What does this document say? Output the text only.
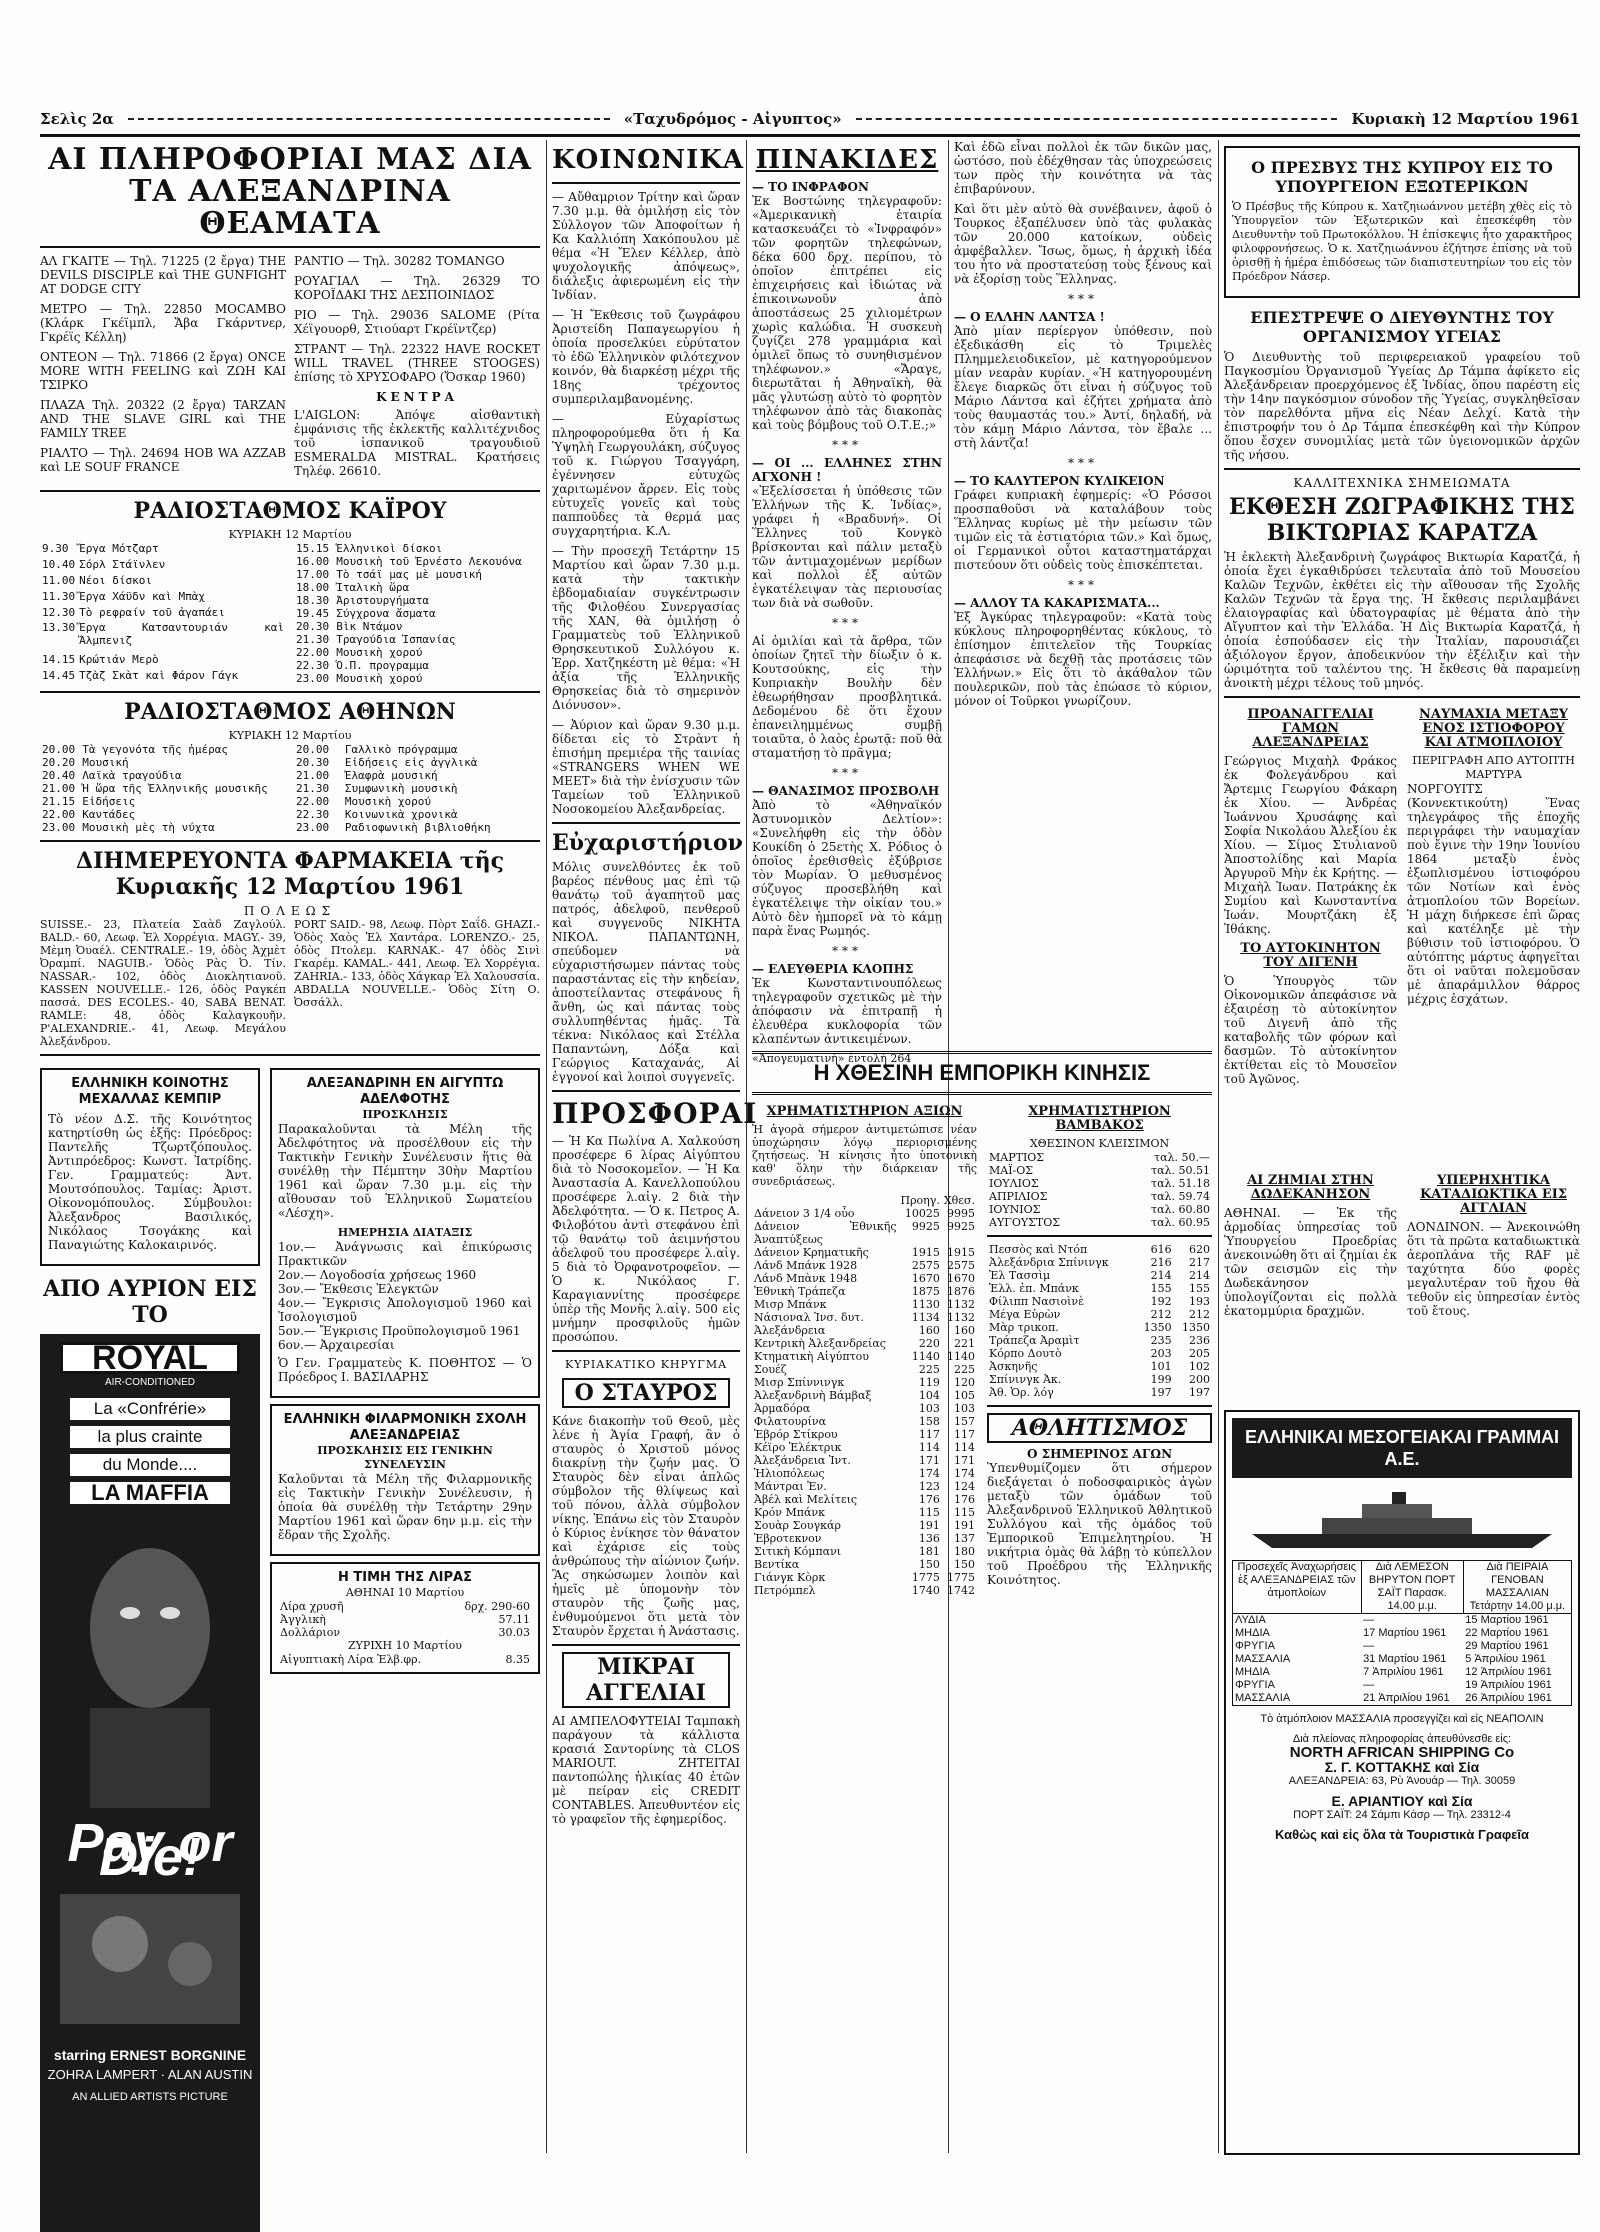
Σελὶς 2α	«Ταχυδρόμος - Αἰγυπτος»	Κυριακὴ 12 Μαρτίου 1961
ΑΙ ΠΛΗΡΟΦΟΡΙΑΙ ΜΑΣ ΔΙΑ ΤΑ ΑΛΕΞΑΝΔΡΙΝΑ ΘΕΑΜΑΤΑ
ΑΛ ΓΚΑΙΤΕ — Τηλ. 71225 (2 ἔργα) THE DEVILS DISCIPLE καὶ THE GUNFIGHT AT DODGE CITY
ΜΕΤΡΟ — Τηλ. 22850 MOCAMBO (Κλάρκ Γκέϊμπλ, Ἄβα Γκάρντνερ, Γκρέϊς Κέλλη)
ΟΝΤΕΟΝ — Τηλ. 71866 (2 ἔργα) ONCE MORE WITH FEELING καὶ ΖΩΗ ΚΑΙ ΤΣΙΡΚΟ
ΠΛΑΖΑ Τηλ. 20322 (2 ἔργα) TARZAN AND THE SLAVE GIRL καὶ THE FAMILY TREE
ΡΙΑΛΤΟ — Τηλ. 24694 HOB WA AZZAB καὶ LE SOUF FRANCE
ΡΑΝΤΙΟ — Τηλ. 30282 TOMANGO
ΡΟΥΑΓΙΑΛ — Τηλ. 26329 ΤΟ ΚΟΡΟΪΔΑΚΙ ΤΗΣ ΔΕΣΠΟΙΝΙΔΟΣ
ΡΙΟ — Τηλ. 29036 SALOME (Ρίτα Χέϊγουορθ, Στιούαρτ Γκρέϊντζερ)
ΣΤΡΑΝΤ — Τηλ. 22322 HAVE ROCKET WILL TRAVEL (THREE STOOGES) ἐπίσης τὸ ΧΡΥΣΟΦΑΡΟ (Ὄσκαρ 1960)
ΚΕΝΤΡΑ
L'AIGLON: Ἀπόψε αἰσθαντικὴ ἐμφάνισις τῆς ἐκλεκτῆς καλλιτέχνιδος τοῦ ἱσπανικοῦ τραγουδιοῦ ESMERALDA MISTRAL. Κρατήσεις Τηλέφ. 26610.
ΡΑΔΙΟΣΤΑΘΜΟΣ ΚΑΪΡΟΥ
ΚΥΡΙΑΚΗ 12 Μαρτίου
9.30	Ἔργα Μότζαρτ
10.40	Σόρλ Στάϊνλεν
11.00	Νέοι δίσκοι
11.30	Ἔργα Χάϋδν καὶ Μπὰχ
12.30	Τὸ ρεφραίν τοῦ ἀγαπάει
13.30	Ἔργα Κατσαντουριάν καὶ Ἄλμπενιζ
14.15	Κρώτιάν Μερὸ
14.45	Τζὰζ Σκὰτ καὶ Φάρον Γάγκ
15.15	Ἑλληνικοὶ δίσκοι
16.00	Μουσικὴ τοῦ Ἐρνέστο Λεκουόνα
17.00	Τὸ τσάϊ μας μὲ μουσική
18.00	Ἰταλικὴ ὥρα
18.30	Ἀριστουργήματα
19.45	Σύγχρονα ἄσματα
20.30	Βὶκ Ντάμον
21.30	Τραγούδια Ἰσπανίας
22.00	Μουσικὴ χορού
22.30	Ὁ.Π. προγραμμα
23.00	Μουσικὴ χορού
ΡΑΔΙΟΣΤΑΘΜΟΣ ΑΘΗΝΩΝ
ΚΥΡΙΑΚΗ 12 Μαρτίου
20.00	Τὰ γεγονότα τῆς ἡμέρας
20.20	Μουσική
20.40	Λαϊκὰ τραγούδια
21.00	Ἡ ὥρα τῆς Ἑλληνικῆς μουσικῆς
21.15	Εἰδήσεις
22.00	Καντάδες
23.00	Μουσικὴ μὲς τὴ νύχτα
20.00	Γαλλικὸ πρόγραμμα
20.30	Εἰδήσεις εἰς ἀγγλικὰ
21.00	Ἐλαφρὰ μουσική
21.30	Συμφωνικὴ μουσικὴ
22.00	Μουσικὴ χορού
22.30	Κοινωνικὰ χρονικὰ
23.00	Ραδιοφωνικὴ βιβλιοθήκη
ΔΙΗΜΕΡΕΥΟΝΤΑ ΦΑΡΜΑΚΕΙΑ τῆς Κυριακῆς 12 Μαρτίου 1961
ΠΟΛΕΩΣ
SUISSE.- 23, Πλατεία Σαὰδ Ζαγλούλ. BALD.- 60, Λεωφ. Ἐλ Χορρέγια. MAGY.- 39, Μὲμη Ὀυαέλ. CENTRALE.- 19, ὁδὸς Ἀχμὲτ Ὀραμπί. NAGUIB.- Ὁδὸς Ρὰς Ὀ. Τίν. NASSAR.- 102, ὁδὸς Διοκλητιανοῦ. KASSEN NOUVELLE.- 126, ὁδὸς Ραγκέπ πασσά. DES ECOLES.- 40, SABA BENAT. RAMLE: 48, ὁδὸς Καλαγκουῆν. P'ALEXANDRIE.- 41, Λεωφ. Μεγάλου Ἀλεξάνδρου.
PORT SAID.- 98, Λεωφ. Πὸρτ Σαΐδ. GHAZI.- Ὁδὸς Χαὸς Ἑλ Χαντάρα. LORENZO.- 25, ὁδὸς Πτολεμ. KARNAK.- 47 ὁδὸς Σινὶ Γκαρέμ. KAMAL.- 441, Λεωφ. Ἑλ Χορρέγια. ZAHRIA.- 133, ὁδὸς Χάγκαρ Ἐλ Χαλουσσία. ABDALLA NOUVELLE.- Ὁδὸς Σίτη Ο. Ὀσσάλλ.
ΕΛΛΗΝΙΚΗ ΚΟΙΝΟΤΗΣ ΜΕΧΑΛΛΑΣ ΚΕΜΠΙΡ
Τὸ νέον Δ.Σ. τῆς Κοινότητος κατηρτίσθη ὡς ἑξῆς: Πρόεδρος: Παντελῆς Τζωρτζόπουλος. Ἀντιπρόεδρος: Κωνστ. Ἰατρίδης. Γεν. Γραμματεύς: Ἀντ. Μουτσόπουλος. Ταμίας: Ἀριστ. Οἰκονομόπουλος. Σύμβουλοι: Ἀλεξανδρος Βασιλικός, Νικόλαος Τσογάκης καὶ Παναγιώτης Καλοκαιρινός.
ΑΠΟ ΑΥΡΙΟΝ ΕΙΣ ΤΟ
ROYAL
AIR-CONDITIONED
La «Confrérie»
la plus crainte
du Monde....
LA MAFFIA
Pay or Die!
starring ERNEST BORGNINE
ZOHRA LAMPERT · ALAN AUSTIN
AN ALLIED ARTISTS PICTURE
ΑΛΕΞΑΝΔΡΙΝΗ ΕΝ ΑΙΓΥΠΤΩ ΑΔΕΛΦΟΤΗΣ
ΠΡΟΣΚΛΗΣΙΣ
Παρακαλοῦνται τὰ Μέλη τῆς Ἀδελφότητος νὰ προσέλθουν εἰς τὴν Τακτικὴν Γενικὴν Συνέλευσιν ἥτις θὰ συνέλθῃ τὴν Πέμπτην 30ὴν Μαρτίου 1961 καὶ ὥραν 7.30 μ.μ. εἰς τὴν αἴθουσαν τοῦ Ἑλληνικοῦ Σωματείου «Λέσχη».
ΗΜΕΡΗΣΙΑ ΔΙΑΤΑΞΙΣ
1ον.— Ἀνάγνωσις καὶ ἐπικύρωσις Πρακτικῶν
2ον.— Λογοδοσία χρήσεως 1960
3ον.— Ἔκθεσις Ἐλεγκτῶν
4ον.— Ἔγκρισις Ἀπολογισμοῦ 1960 καὶ Ἰσολογισμοῦ
5ον.— Ἔγκρισις Προϋπολογισμοῦ 1961
6ον.— Ἀρχαιρεσίαι
Ὁ Γεν. Γραμματεὺς Κ. ΠΟΘΗΤΟΣ — Ὁ Πρόεδρος Ι. ΒΑΣΙΛΑΡΗΣ
ΕΛΛΗΝΙΚΗ ΦΙΛΑΡΜΟΝΙΚΗ ΣΧΟΛΗ ΑΛΕΞΑΝΔΡΕΙΑΣ
ΠΡΟΣΚΛΗΣΙΣ ΕΙΣ ΓΕΝΙΚΗΝ ΣΥΝΕΛΕΥΣΙΝ
Καλοῦνται τὰ Μέλη τῆς Φιλαρμονικῆς εἰς Τακτικὴν Γενικὴν Συνέλευσιν, ἡ ὁποία θὰ συνέλθῃ τὴν Τετάρτην 29ην Μαρτίου 1961 καὶ ὥραν 6ην μ.μ. εἰς τὴν ἔδραν τῆς Σχολῆς.
Η ΤΙΜΗ ΤΗΣ ΛΙΡΑΣ
ΑΘΗΝΑΙ 10 Μαρτίου
Λίρα χρυσῆ	δρχ. 290-60
Ἀγγλικὴ	57.11
Δολλάριον	30.03
ΖΥΡΙΧΗ 10 Μαρτίου
Αἰγυπτιακὴ Λίρα Ἐλβ.φρ.	8.35
ΚΟΙΝΩΝΙΚΑ
— Αὔθαμριον Τρίτην καὶ ὥραν 7.30 μ.μ. θὰ ὁμιλήσῃ εἰς τὸν Σύλλογον τῶν Ἀποφοίτων ἡ Κα Καλλιόπη Χακόπουλου μὲ θέμα «Ἡ Ἔλεν Κέλλερ, ἀπὸ ψυχολογικῆς ἀπόψεως», διάλεξις ἀφιερωμένη εἰς τὴν Ἰνδίαν.
— Ἡ Ἔκθεσις τοῦ ζωγράφου Ἀριστείδη Παπαγεωργίου ἡ ὁποία προσελκύει εὐρύτατον τὸ ἐδῶ Ἑλληνικὸν φιλότεχνον κοινόν, θὰ διαρκέσῃ μέχρι τῆς 18ης τρέχοντος συμπεριλαμβανομένης.
— Εὐχαρίστως πληροφορούμεθα ὅτι ἡ Κα Ὑψηλὴ Γεωργουλάκη, σύζυγος τοῦ κ. Γιώργου Τσαγγάρη, ἐγέννησεν εὐτυχῶς χαριτωμένον ἄρρεν. Εἰς τοὺς εὐτυχεῖς γονεῖς καὶ τοὺς παπποῦδες τὰ θερμά μας συγχαρητήρια. Κ.Λ.
— Τὴν προσεχῆ Τετάρτην 15 Μαρτίου καὶ ὥραν 7.30 μ.μ. κατὰ τὴν τακτικὴν ἑβδομαδιαίαν συγκέντρωσιν τῆς Φιλοθέου Συνεργασίας τῆς ΧΑΝ, θὰ ὁμιλήσῃ ὁ Γραμματεὺς τοῦ Ἐλληνικοῦ Θρησκευτικοῦ Συλλόγου κ. Ἑρρ. Χατζηκέστη μὲ θέμα: «Ἡ ἀξία τῆς Ἑλληνικῆς Θρησκείας διὰ τὸ σημερινὸν Διόνυσον».
— Ἀύριον καὶ ὥραν 9.30 μ.μ. δίδεται εἰς τὸ Στρὰντ ἡ ἐπισήμη πρεμιέρα τῆς ταινίας «STRANGERS WHEN WE MEET» διὰ τὴν ἐνίσχυσιν τῶν Ταμείων τοῦ Ἑλληνικοῦ Νοσοκομείου Ἀλεξανδρείας.
Εὐχαριστήριον
Μόλις συνελθόντες ἐκ τοῦ βαρέος πένθους μας ἐπὶ τῷ θανάτῳ τοῦ ἀγαπητοῦ μας πατρός, ἀδελφοῦ, πενθεροῦ καὶ συγγενοῦς ΝΙΚΗΤΑ ΝΙΚΟΛ. ΠΑΠΑΝΤΩΝΗ, σπεύδομεν νὰ εὐχαριστήσωμεν πάντας τοὺς παραστάντας εἰς τὴν κηδείαν, ἀποστείλαντας στεφάνους ἢ ἄνθη, ὡς καὶ πάντας τοὺς συλλυπηθέντας ἡμᾶς. Τὰ τέκνα: Νικόλαος καὶ Στέλλα Παπαντώνη, Δόξα καὶ Γεώργιος Καταχανάς, Αἱ ἐγγονοί καὶ λοιποὶ συγγενεῖς.
ΠΡΟΣΦΟΡΑΙ
— Ἡ Κα Πωλίνα Α. Χαλκούση προσέφερε 6 λίρας Αἰγύπτου διὰ τὸ Νοσοκομεῖον. — Ἡ Κα Ἀναστασία Α. Κανελλοπούλου προσέφερε λ.αἰγ. 2 διὰ τὴν Ἀδελφότητα. — Ὁ κ. Πετρος Α. Φιλοβότου ἀντὶ στεφάνου ἐπὶ τῷ θανάτῳ τοῦ ἀειμνήστου ἀδελφοῦ του προσέφερε λ.αἰγ. 5 διὰ τὸ Ὀρφανοτροφεῖον. — Ὁ κ. Νικόλαος Γ. Καραγιαννίτης προσέφερε ὑπὲρ τῆς Μονῆς λ.αἰγ. 500 εἰς μνήμην προσφιλοῦς ἡμῶν προσώπου.
ΚΥΡΙΑΚΑΤΙΚΟ ΚΗΡΥΓΜΑ
Ο ΣΤΑΥΡΟΣ
Κάνε διακοπὴν τοῦ Θεοῦ, μὲς λένε ἡ Ἁγία Γραφή, ἂν ὁ σταυρὸς ὁ Χριστοῦ μόνος διακρίνῃ τὴν ζωήν μας. Ὁ Σταυρὸς δὲν εἶναι ἁπλῶς σύμβολον τῆς θλίψεως καὶ τοῦ πόνου, ἀλλὰ σύμβολον νίκης. Ἐπάνω εἰς τὸν Σταυρὸν ὁ Κύριος ἐνίκησε τὸν θάνατον καὶ ἐχάρισε εἰς τοὺς ἀνθρώπους τὴν αἰώνιον ζωήν. Ἂς σηκώσωμεν λοιπὸν καὶ ἡμεῖς μὲ ὑπομονὴν τὸν σταυρὸν τῆς ζωῆς μας, ἐνθυμούμενοι ὅτι μετὰ τὸν Σταυρὸν ἔρχεται ἡ Ἀνάστασις.
ΜΙΚΡΑΙ ΑΓΓΕΛΙΑΙ
ΑΙ ΑΜΠΕΛΟΦΥΤΕΙΑΙ Ταμπακὴ παράγουν τὰ κάλλιστα κρασιά Σαντορίνης τὰ CLOS MARIOUT. ΖΗΤΕΙΤΑΙ παντοπώλης ἡλικίας 40 ἐτῶν μὲ πείραν εἰς CREDIT CONTABLES. Ἀπευθυντέον εἰς τὸ γραφεῖον τῆς ἐφημερίδος.
ΠΙΝΑΚΙΔΕΣ
— ΤΟ ΙΝΦΡΑΦΟΝ
Ἐκ Βοστώνης τηλεγραφοῦν: «Ἀμερικανικὴ ἑταιρία κατασκευάζει τὸ «Ἰνφραφόν» τῶν φορητῶν τηλεφώνων, δέκα 600 δρχ. περίπου, τὸ ὁποῖον ἐπιτρέπει εἰς ἐπιχειρήσεις καὶ ἰδιώτας νὰ ἐπικοινωνοῦν ἀπὸ ἀποστάσεως 25 χιλιομέτρων χωρὶς καλώδια. Ἡ συσκευὴ ζυγίζει 278 γραμμάρια καὶ ὁμιλεῖ ὅπως τὸ συνηθισμένον τηλέφωνον.» «Ἄραγε, διερωτᾶται ἡ Ἀθηναϊκὴ, θὰ μᾶς γλυτώσῃ αὐτὸ τὸ φορητὸν τηλέφωνον ἀπὸ τὰς διακοπὰς καὶ τοὺς βόμβους τοῦ Ο.Τ.Ε.;»
***
— ΟΙ ... ΕΛΛΗΝΕΣ ΣΤΗΝ ΑΓΧΟΝΗ !
«Ἐξελίσσεται ἡ ὑπόθεσις τῶν Ἑλλήνων τῆς Κ. Ἰνδίας», γράφει ἡ «Βραδυνή». Οἱ Ἕλληνες τοῦ Κονγκὸ βρίσκονται καὶ πάλιν μεταξὺ τῶν ἀντιμαχομένων μερίδων καὶ πολλοὶ ἐξ αὐτῶν ἐγκατέλειψαν τὰς περιουσίας των διὰ νὰ σωθοῦν.
***
Αἱ ὁμιλίαι καὶ τὰ ἄρθρα, τῶν ὁποίων ζητεῖ τὴν δίωξιν ὁ κ. Κουτσούκης, εἰς τὴν Κυπριακὴν Βουλὴν δὲν ἐθεωρήθησαν προσβλητικά. Δεδομένου δὲ ὅτι ἔχουν ἐπανειλημμένως συμβῇ τοιαῦτα, ὁ λαὸς ἐρωτᾷ: ποῦ θὰ σταματήσῃ τὸ πρᾶγμα;
***
— ΘΑΝΑΣΙΜΟΣ ΠΡΟΣΒΟΛΗ
Ἀπὸ τὸ «Ἀθηναϊκόν Ἀστυνομικὸν Δελτίον»: «Συνελήφθη εἰς τὴν ὁδὸν Κουκίδη ὁ 25ετὴς Χ. Ρόδιος ὁ ὁποῖος ἐρεθισθεὶς ἐξύβρισε τὸν Μωρίαν. Ὁ μεθυσμένος σύζυγος προσεβλήθη καὶ ἐγκατέλειψε τὴν οἰκίαν του.» Αὐτὸ δὲν ἠμπορεῖ νὰ τὸ κάμῃ παρὰ ἕνας Ρωμηός.
***
— ΕΛΕΥΘΕΡΙΑ ΚΛΟΠΗΣ
Ἐκ Κωνσταντινουπόλεως τηλεγραφοῦν σχετικῶς μὲ τὴν ἀπόφασιν νὰ ἐπιτραπῇ ἡ ἐλευθέρα κυκλοφορία τῶν κλαπέντων ἀντικειμένων.
«Ἀπογευματινή» ἐντολὴ 264
Καὶ ἐδῶ εἶναι πολλοὶ ἐκ τῶν δικῶν μας, ὡστόσο, ποὺ ἐδέχθησαν τὰς ὑποχρεώσεις των πρὸς τὴν κοινότητα νὰ τὰς ἐπιβαρύνουν.
Καὶ ὅτι μὲν αὐτὸ θὰ συνέβαινεν, ἀφοῦ ὁ Τουρκος ἐξαπέλυσεν ὑπὸ τὰς φυλακὰς τῶν 20.000 κατοίκων, οὐδεὶς ἀμφέβαλλεν. Ἴσως, ὅμως, ἡ ἀρχικὴ ἰδέα του ἦτο νὰ προστατεύσῃ τοὺς ξένους καὶ νὰ ἐξορίσῃ τοὺς Ἕλληνας.
***
— Ο ΕΛΛΗΝ ΛΑΝΤΣΑ !
Ἀπὸ μίαν περίεργον ὑπόθεσιν, ποὺ ἐξεδικάσθη εἰς τὸ Τριμελὲς Πλημμελειοδικεῖον, μὲ κατηγορούμενον μίαν νεαρὰν κυρίαν. «Ἡ κατηγορουμένη ἔλεγε διαρκῶς ὅτι εἶναι ἡ σύζυγος τοῦ Μάριο Λάντσα καὶ ἐζήτει χρήματα ἀπὸ τοὺς θαυμαστάς του.» Ἀντί, δηλαδή, νὰ τὸν κάμῃ Μάριο Λάντσα, τὸν ἔβαλε ... στὴ λάντζα!
***
— ΤΟ ΚΑΛΥΤΕΡΟΝ ΚΥΛΙΚΕΙΟΝ
Γράφει κυπριακὴ ἐφημερίς: «Ὁ Ρόσσοι προσπαθοῦσι νὰ καταλάβουν τοὺς Ἕλληνας κυρίως μὲ τὴν μείωσιν τῶν τιμῶν εἰς τὰ ἐστιατόρια τῶν.» Καὶ ὅμως, οἱ Γερμανικοὶ οὗτοι καταστηματάρχαι πιστεύουν ὅτι οὐδεὶς τοὺς ἐπισκέπτεται.
***
— ΑΛΛΟΥ ΤΑ ΚΑΚΑΡΙΣΜΑΤΑ...
Ἐξ Ἀγκύρας τηλεγραφοῦν: «Κατὰ τοὺς κύκλους πληροφορηθέντας κύκλους, τὸ ἐπίσημον ἐπιτελεῖον τῆς Τουρκίας ἀπεφάσισε νὰ δεχθῇ τὰς προτάσεις τῶν Ἑλλήνων.» Εἰς ὅτι τὸ ἀκάθαλον τῶν πουλερικῶν, ποὺ τὰς ἐπώασε τὸ κύριον, μόνον οἱ Τοῦρκοι γνωρίζουν.
Η ΧΘΕΣΙΝΗ ΕΜΠΟΡΙΚΗ ΚΙΝΗΣΙΣ
ΧΡΗΜΑΤΙΣΤΗΡΙΟΝ ΑΞΙΩΝ
Ἡ ἀγορὰ σήμερον ἀντιμετώπισε νέαν ὑποχώρησιν λόγῳ περιορισμένης ζητήσεως. Ἡ κίνησις ἦτο ὑποτονικὴ καθ' ὅλην τὴν διάρκειαν τῆς συνεδριάσεως.
	Προηγ.	Χθεσ.
Δάνειον 3 1/4 οὖο	10025	9995
Δάνειον Ἐθνικῆς Ἀναπτύξεως	9925	9925
Δάνειον Κρηματικῆς	1915	1915
Λάνδ Μπάνκ 1928	2575	2575
Λάνδ Μπὰνκ 1948	1670	1670
Ἐθνικὴ Τράπεζα	1875	1876
Μισρ Μπάνκ	1130	1132
Νάσιοναλ Ἰνσ. δυτ.	1134	1132
Ἀλεξάνδρεια	160	160
Κεντρικὴ Ἀλεξανδρείας	220	221
Κτηματικὴ Αἰγύπτου	1140	1140
Σουέζ	225	225
Μισρ Σπίννινγκ	119	120
Ἀλεξανδρινὴ Βάμβαξ	104	105
Ἀρμαδόρα	103	103
Φιλατουρίνα	158	157
Ἐβρόρ Στίκρου	117	117
Κέϊρο Ἐλέκτρικ	114	114
Ἀλεξάνδρεια Ἰντ.	171	171
Ἡλιοπόλεως	174	174
Μάντραι Ἐν.	123	124
Ἀβέλ καὶ Μελίτεις	176	176
Κρόν Μπάνκ	115	115
Σουὰρ Σουγκάρ	191	191
Ἐβροτεκνον	136	137
Σιτικὴ Κόμπανι	181	180
Βεντίκα	150	150
Γιάνγκ Κὸρκ	1775	1775
Πετρόμπελ	1740	1742
ΧΡΗΜΑΤΙΣΤΗΡΙΟΝ ΒΑΜΒΑΚΟΣ
ΧΘΕΣΙΝΟΝ ΚΛΕΙΣΙΜΟΝ
ΜΑΡΤΙΟΣ	ταλ. 50.—
ΜΑΪ-ΟΣ	ταλ. 50.51
ΙΟΥΛΙΟΣ	ταλ. 51.18
ΑΠΡΙΛΙΟΣ	ταλ. 59.74
ΙΟΥΝΙΟΣ	ταλ. 60.80
ΑΥΓΟΥΣΤΟΣ	ταλ. 60.95
Πεσσὸς καὶ Ντόπ	616	620
Ἀλεξάνδρια Σπίνινγκ	216	217
Ἐλ Τασσὶμ	214	214
Ἑλλ. ἐπ. Μπάνκ	155	155
Φίλιππ Νασιοὶνὲ	192	193
Μέγα Εὐρὼν	212	212
Μὰρ τρικοπ.	1350	1350
Τράπεζα Ἀραμὶτ	235	236
Κόρπο Δουτὸ	203	205
Ἀσκηνῆς	101	102
Σπίνινγκ Ἀκ.	199	200
Ἀθ. Ὁρ. λόγ	197	197
ΑΘΛΗΤΙΣΜΟΣ
Ο ΣΗΜΕΡΙΝΟΣ ΑΓΩΝ
Ὑπενθυμίζομεν ὅτι σήμερον διεξάγεται ὁ ποδοσφαιρικὸς ἀγὼν μεταξὺ τῶν ὁμάδων τοῦ Ἀλεξανδρινοῦ Ἑλληνικοῦ Ἀθλητικοῦ Συλλόγου καὶ τῆς ὁμάδος τοῦ Ἐμπορικοῦ Ἐπιμελητηρίου. Ἡ νικήτρια ὁμὰς θὰ λάβῃ τὸ κύπελλον τοῦ Προέδρου τῆς Ἑλληνικῆς Κοινότητος.
Ο ΠΡΕΣΒΥΣ ΤΗΣ ΚΥΠΡΟΥ ΕΙΣ ΤΟ ΥΠΟΥΡΓΕΙΟΝ ΕΞΩΤΕΡΙΚΩΝ
Ὁ Πρέσβυς τῆς Κύπρου κ. Χατζηιωάννου μετέβη χθὲς εἰς τὸ Ὑπουργεῖον τῶν Ἐξωτερικῶν καὶ ἐπεσκέφθη τὸν Διευθυντὴν τοῦ Πρωτοκόλλου. Ἡ ἐπίσκεψις ἦτο χαρακτῆρος φιλοφρονήσεως. Ὁ κ. Χατζηιωάννου ἐζήτησε ἐπίσης νὰ τοῦ ὁρισθῇ ἡ ἡμέρα ἐπιδόσεως τῶν διαπιστευτηρίων του εἰς τὸν Πρόεδρον Νάσερ.
ΕΠΕΣΤΡΕΨΕ Ο ΔΙΕΥΘΥΝΤΗΣ ΤΟΥ ΟΡΓΑΝΙΣΜΟΥ ΥΓΕΙΑΣ
Ὁ Διευθυντὴς τοῦ περιφερειακοῦ γραφείου τοῦ Παγκοσμίου Ὀργανισμοῦ Ὑγείας Δρ Τάμπα ἀφίκετο εἰς Ἀλεξάνδρειαν προερχόμενος ἐξ Ἰνδίας, ὅπου παρέστη εἰς τὴν 14ην παγκόσμιον σύνοδον τῆς Ὑγείας, συγκληθεῖσαν τὸν παρελθόντα μῆνα εἰς Νέαν Δελχί. Κατὰ τὴν ἐπιστροφήν του ὁ Δρ Τάμπα ἐπεσκέφθη καὶ τὴν Κύπρον ὅπου ἔσχεν συνομιλίας μετὰ τῶν ὑγειονομικῶν ἀρχῶν τῆς νήσου.
ΚΑΛΛΙΤΕΧΝΙΚΑ ΣΗΜΕΙΩΜΑΤΑ
ΕΚΘΕΣΗ ΖΩΓΡΑΦΙΚΗΣ ΤΗΣ ΒΙΚΤΩΡΙΑΣ ΚΑΡΑΤΖΑ
Ἡ ἐκλεκτὴ Ἀλεξανδρινὴ ζωγράφος Βικτωρία Καρατζά, ἡ ὁποία ἔχει ἐγκαθιδρύσει τελευταῖα ἀπὸ τοῦ Μουσείου Καλῶν Τεχνῶν, ἐκθέτει εἰς τὴν αἴθουσαν τῆς Σχολῆς Καλῶν Τεχνῶν τὰ ἔργα της. Ἡ ἔκθεσις περιλαμβάνει ἐλαιογραφίας καὶ ὑδατογραφίας μὲ θέματα ἀπὸ τὴν Αἴγυπτον καὶ τὴν Ἑλλάδα. Ἡ Δὶς Βικτωρία Καρατζά, ἡ ὁποία ἐσπούδασεν εἰς τὴν Ἰταλίαν, παρουσιάζει ἀξιόλογον ἔργον, ἀποδεικνύον τὴν ἐξέλιξιν καὶ τὴν ὡριμότητα τοῦ ταλέντου της. Ἡ ἔκθεσις θὰ παραμείνῃ ἀνοικτὴ μέχρι τέλους τοῦ μηνός.
ΠΡΟΑΝΑΓΓΕΛΙΑΙ ΓΑΜΩΝ ΑΛΕΞΑΝΔΡΕΙΑΣ
Γεώργιος Μιχαὴλ Φράκος ἐκ Φολεγάνδρου καὶ Ἄρτεμις Γεωργίου Φάκαρη ἐκ Χίου. — Ἀνδρέας Ἰωάννου Χρυσάφης καὶ Σοφία Νικολάου Ἀλεξίου ἐκ Χίου. — Σίμος Στυλιανοῦ Ἀποστολίδης καὶ Μαρία Ἀργυροῦ Μὴν ἐκ Κρήτης. — Μιχαὴλ Ἰωαν. Πατράκης ἐκ Συμίου καὶ Κωνσταντίνα Ἰωάν. Μουρτζάκη ἐξ Ἰθάκης.
ΤΟ ΑΥΤΟΚΙΝΗΤΟΝ ΤΟΥ ΔΙΓΕΝΗ
Ὁ Ὑπουργὸς τῶν Οἰκονομικῶν ἀπεφάσισε νὰ ἐξαιρέσῃ τὸ αὐτοκίνητον τοῦ Διγενῆ ἀπὸ τῆς καταβολῆς τῶν φόρων καὶ δασμῶν. Τὸ αὐτοκίνητον ἐκτίθεται εἰς τὸ Μουσεῖον τοῦ Ἀγῶνος.
ΝΑΥΜΑΧΙΑ ΜΕΤΑΞΥ ΕΝΟΣ ΙΣΤΙΟΦΟΡΟΥ ΚΑΙ ΑΤΜΟΠΛΟΙΟΥ
ΠΕΡΙΓΡΑΦΗ ΑΠΟ ΑΥΤΟΠΤΗ ΜΑΡΤΥΡΑ
ΝΟΡΓΟΥΙΤΣ (Κοννεκτικούτη) Ἕνας τηλεγράφος τῆς ἐποχῆς περιγράφει τὴν ναυμαχίαν ποὺ ἔγινε τὴν 19ην Ἰουνίου 1864 μεταξὺ ἑνὸς ἐξωπλισμένου ἱστιοφόρου τῶν Νοτίων καὶ ἑνὸς ἀτμοπλοίου τῶν Βορείων. Ἡ μάχη διήρκεσε ἐπὶ ὥρας καὶ κατέληξε μὲ τὴν βύθισιν τοῦ ἱστιοφόρου. Ὁ αὐτόπτης μάρτυς ἀφηγεῖται ὅτι οἱ ναῦται πολεμοῦσαν μὲ ἀπαράμιλλον θάρρος μέχρις ἐσχάτων.
ΑΙ ΖΗΜΙΑΙ ΣΤΗΝ ΔΩΔΕΚΑΝΗΣΟΝ
ΑΘΗΝΑΙ. — Ἐκ τῆς ἁρμοδίας ὑπηρεσίας τοῦ Ὑπουργείου Προεδρίας ἀνεκοινώθη ὅτι αἱ ζημίαι ἐκ τῶν σεισμῶν εἰς τὴν Δωδεκάνησον ὑπολογίζονται εἰς πολλὰ ἑκατομμύρια δραχμῶν.
ΥΠΕΡΗΧΗΤΙΚΑ ΚΑΤΑΔΙΩΚΤΙΚΑ ΕΙΣ ΑΓΓΛΙΑΝ
ΛΟΝΔΙΝΟΝ. — Ἀνεκοινώθη ὅτι τὰ πρῶτα καταδιωκτικὰ ἀεροπλάνα τῆς RAF μὲ ταχύτητα δύο φορὲς μεγαλυτέραν τοῦ ἤχου θὰ τεθοῦν εἰς ὑπηρεσίαν ἐντὸς τοῦ ἔτους.
ΕΛΛΗΝΙΚΑΙ ΜΕΣΟΓΕΙΑΚΑΙ ΓΡΑΜΜΑΙ Α.Ε.
Προσεχεῖς Ἀναχωρήσεις ἐξ ΑΛΕΞΑΝΔΡΕΙΑΣ τῶν ἀτμοπλοίων	Διὰ ΛΕΜΕΣΟΝ ΒΗΡΥΤΟΝ ΠΟΡΤ ΣΑΪΤ Παρασκ. 14.00 μ.μ.	Διὰ ΠΕΙΡΑΙΑ ΓΕΝΟΒΑΝ ΜΑΣΣΑΛΙΑΝ Τετάρτην 14.00 μ.μ.
ΛΥΔΙΑ	—	15 Μαρτίου 1961
ΜΗΔΙΑ	17 Μαρτίου 1961	22 Μαρτίου 1961
ΦΡΥΓΙΑ	—	29 Μαρτίου 1961
ΜΑΣΣΑΛΙΑ	31 Μαρτίου 1961	5 Ἀπριλίου 1961
ΜΗΔΙΑ	7 Ἀπριλίου 1961	12 Ἀπριλίου 1961
ΦΡΥΓΙΑ	—	19 Ἀπριλίου 1961
ΜΑΣΣΑΛΙΑ	21 Ἀπριλίου 1961	26 Ἀπριλίου 1961
Τὸ ἀτμόπλοιον ΜΑΣΣΑΛΙΑ προσεγγίζει καὶ εἰς ΝΕΑΠΟΛΙΝ
Διὰ πλείονας πληροφορίας ἀπευθύνεσθε εἰς:
NORTH AFRICAN SHIPPING Co
Σ. Γ. ΚΟΤΤΑΚΗΣ καὶ Σία
ΑΛΕΞΑΝΔΡΕΙΑ: 63, Ρὺ Ἀνουάρ — Τηλ. 30059
Ε. ΑΡΙΑΝΤΙΟΥ καὶ Σία
ΠΟΡΤ ΣΑΪΤ: 24 Σάμπι Κάσρ — Τηλ. 23312-4
Καθὼς καὶ εἰς ὅλα τὰ Τουριστικὰ Γραφεῖα
